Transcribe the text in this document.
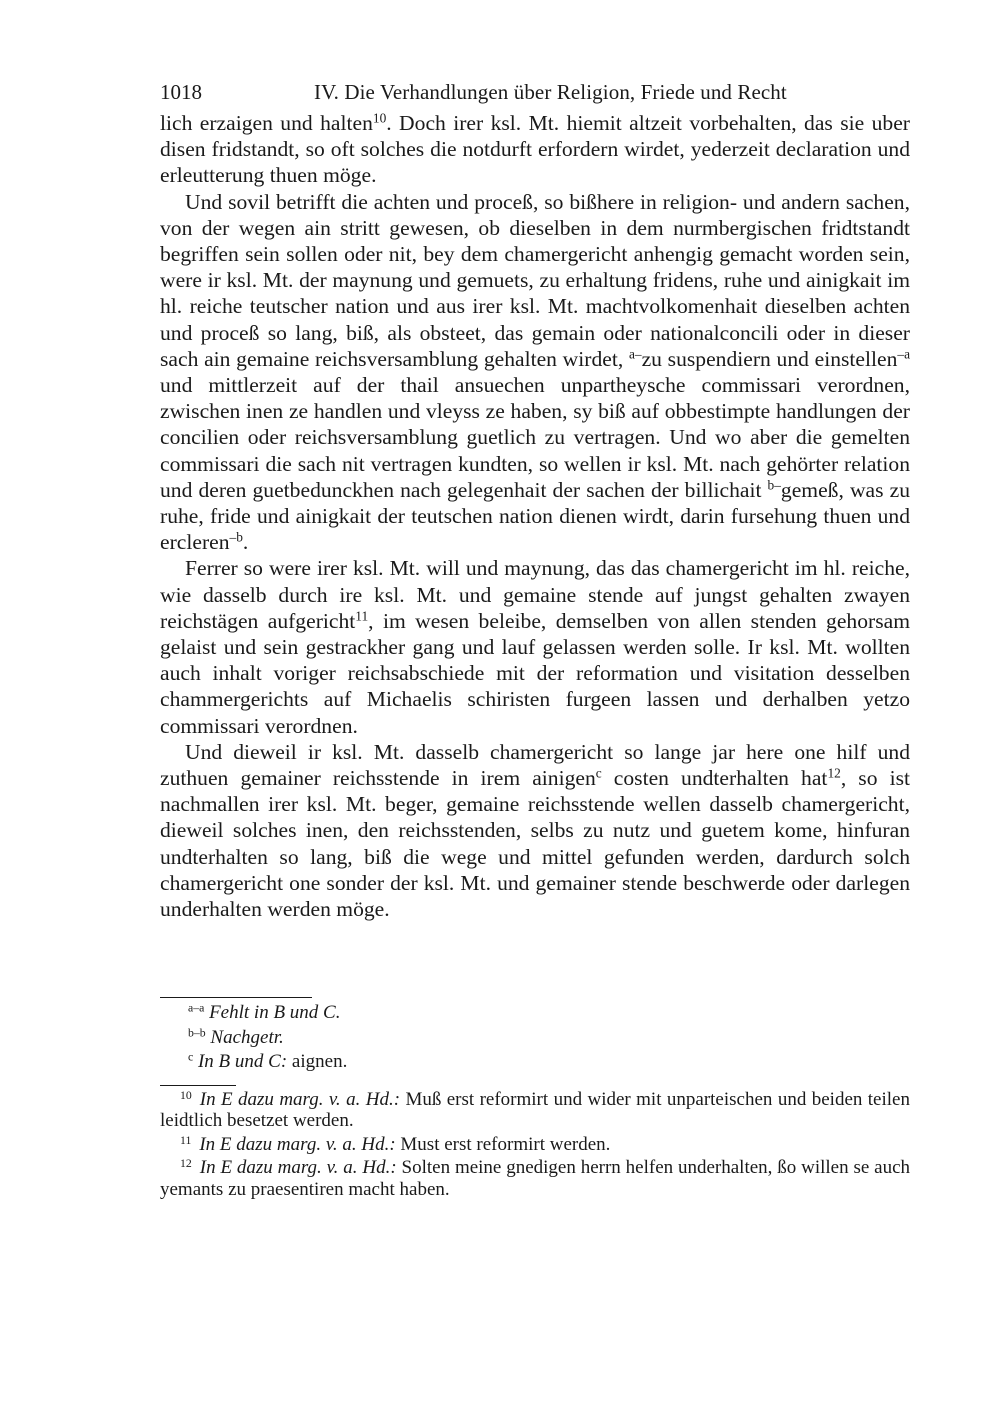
1018	IV. Die Verhandlungen über Religion, Friede und Recht

lich erzaigen und halten$^{10}$. Doch irer ksl. Mt. hiemit altzeit vorbehalten, das sie uber disen fridstandt, so oft solches die notdurft erfordern wirdet, yederzeit declaration und erleutterung thuen möge.

Und sovil betrifft die achten und proceß, so bißhere in religion- und andern sachen, von der wegen ain stritt gewesen, ob dieselben in dem nurmbergischen fridtstandt begriffen sein sollen oder nit, bey dem chamergericht anhengig gemacht worden sein, were ir ksl. Mt. der maynung und gemuets, zu erhaltung fridens, ruhe und ainigkait im hl. reiche teutscher nation und aus irer ksl. Mt. machtvolkomenhait dieselben achten und proceß so lang, biß, als obsteet, das gemain oder nationalconcili oder in dieser sach ain gemaine reichsversamblung gehalten wirdet, $^{a-}$zu suspendiern und einstellen$^{-a}$ und mittlerzeit auf der thail ansuechen unpartheysche commissari verordnen, zwischen inen ze handlen und vleyss ze haben, sy biß auf obbestimpte handlungen der concilien oder reichsversamblung guetlich zu vertragen. Und wo aber die gemelten commissari die sach nit vertragen kundten, so wellen ir ksl. Mt. nach gehörter relation und deren guetbedunckhen nach gelegenhait der sachen der billichait $^{b-}$gemeß, was zu ruhe, fride und ainigkait der teutschen nation dienen wirdt, darin fursehung thuen und ercleren$^{-b}$.

Ferrer so were irer ksl. Mt. will und maynung, das das chamergericht im hl. reiche, wie dasselb durch ire ksl. Mt. und gemaine stende auf jungst gehalten zwayen reichstägen aufgericht$^{11}$, im wesen beleibe, demselben von allen stenden gehorsam gelaist und sein gestrackher gang und lauf gelassen werden solle. Ir ksl. Mt. wollten auch inhalt voriger reichsabschiede mit der reformation und visitation desselben chammergerichts auf Michaelis schiristen furgeen lassen und derhalben yetzo commissari verordnen.

Und dieweil ir ksl. Mt. dasselb chamergericht so lange jar here one hilf und zuthuen gemainer reichsstende in irem ainigen$^c$ costen undterhalten hat$^{12}$, so ist nachmallen irer ksl. Mt. beger, gemaine reichsstende wellen dasselb chamergericht, dieweil solches inen, den reichsstenden, selbs zu nutz und guetem kome, hinfuran undterhalten so lang, biß die wege und mittel gefunden werden, dardurch solch chamergericht one sonder der ksl. Mt. und gemainer stende beschwerde oder darlegen underhalten werden möge.

$^{a-a}$ Fehlt in B und C.

$^{b-b}$ Nachgetr.

$^c$ In B und C: aignen.

$^{10}$ In E dazu marg. v. a. Hd.: Muß erst reformirt und wider mit unparteischen und beiden teilen leidtlich besetzet werden.

$^{11}$ In E dazu marg. v. a. Hd.: Must erst reformirt werden.

$^{12}$ In E dazu marg. v. a. Hd.: Solten meine gnedigen herrn helfen underhalten, ßo willen se auch yemants zu praesentiren macht haben.
